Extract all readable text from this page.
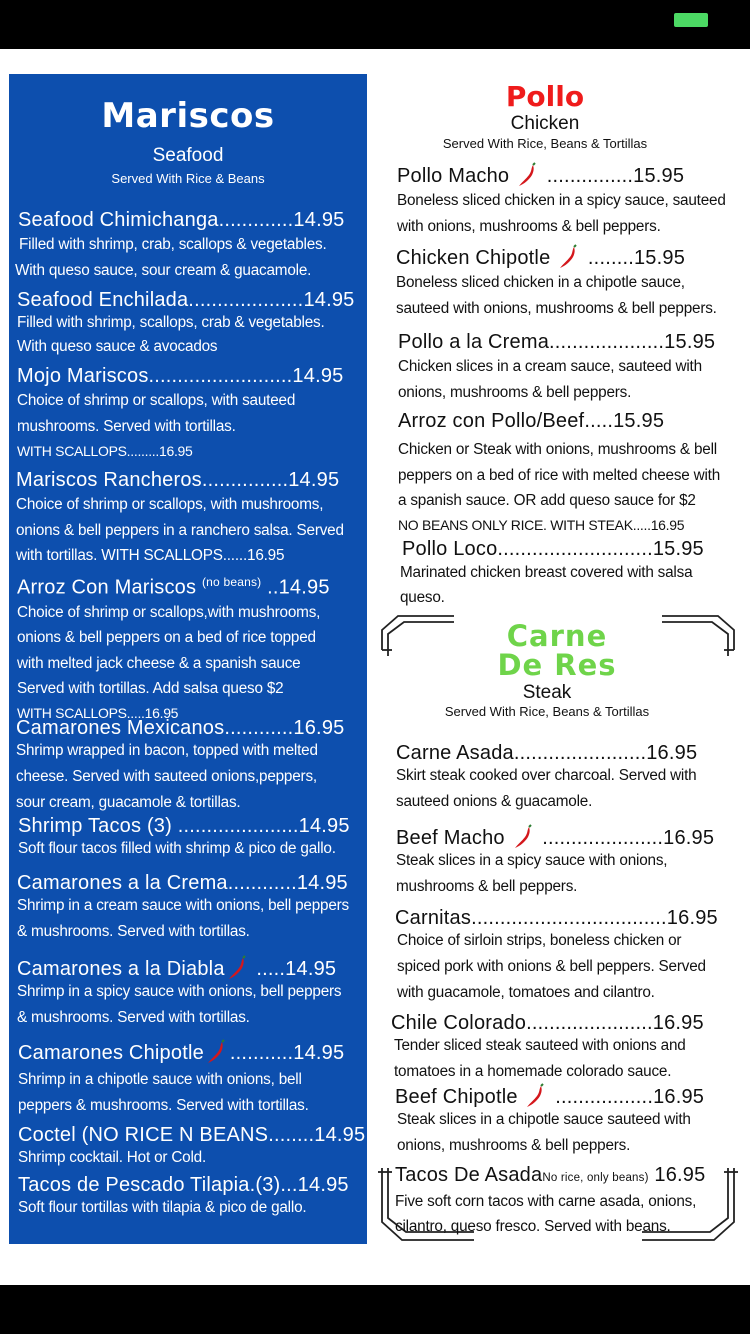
Mariscos
Seafood
Served With Rice & Beans
Seafood Chimichanga.............14.95
Filled with shrimp, crab, scallops & vegetables.
With queso sauce, sour cream & guacamole.
Seafood Enchilada....................14.95
Filled with shrimp, scallops, crab & vegetables.
With queso sauce & avocados
Mojo Mariscos.........................14.95
Choice of shrimp or scallops, with sauteed
mushrooms. Served with tortillas.
WITH SCALLOPS.........16.95
Mariscos Rancheros...............14.95
Choice of shrimp or scallops, with mushrooms,
onions & bell peppers in a ranchero salsa. Served
with tortillas. WITH SCALLOPS......16.95
Arroz Con Mariscos $^{(no beans)}$ ..14.95
Choice of shrimp or scallops,with mushrooms,
onions & bell peppers on a bed of rice topped
with melted jack cheese & a spanish sauce
Served with tortillas. Add salsa queso $2
WITH SCALLOPS.....16.95
Camarones Mexicanos............16.95
Shrimp wrapped in bacon, topped with melted
cheese. Served with sauteed onions,peppers,
sour cream, guacamole & tortillas.
Shrimp Tacos (3) .....................14.95
Soft flour tacos filled with shrimp & pico de gallo.
Camarones a la Crema............14.95
Shrimp in a cream sauce with onions, bell peppers
& mushrooms. Served with tortillas.
Camarones a la Diabla .....14.95
Shrimp in a spicy sauce with onions, bell peppers
& mushrooms. Served with tortillas.
Camarones Chipotle ...........14.95
Shrimp in a chipotle sauce with onions, bell
peppers & mushrooms. Served with tortillas.
Coctel (NO RICE N BEANS........14.95
Shrimp cocktail. Hot or Cold.
Tacos de Pescado Tilapia.(3)...14.95
Soft flour tortillas with tilapia & pico de gallo.
Pollo
Chicken
Served With Rice, Beans & Tortillas
Pollo Macho  ...............15.95
Boneless sliced chicken in a spicy sauce, sauteed
with onions, mushrooms & bell peppers.
Chicken Chipotle  ........15.95
Boneless sliced chicken in a chipotle sauce,
sauteed with onions, mushrooms & bell peppers.
Pollo a la Crema....................15.95
Chicken slices in a cream sauce, sauteed with
onions, mushrooms & bell peppers.
Arroz con Pollo/Beef.....15.95
Chicken or Steak with onions, mushrooms & bell
peppers on a bed of rice with melted cheese with
a spanish sauce. OR add queso sauce for $2
NO BEANS ONLY RICE. WITH STEAK.....16.95
Pollo Loco...........................15.95
Marinated chicken breast covered with salsa
queso.
Carne
De Res
Steak
Served With Rice, Beans & Tortillas
Carne Asada.......................16.95
Skirt steak cooked over charcoal. Served with
sauteed onions & guacamole.
Beef Macho  .....................16.95
Steak slices in a spicy sauce with onions,
mushrooms & bell peppers.
Carnitas..................................16.95
Choice of sirloin strips, boneless chicken or
spiced pork with onions & bell peppers. Served
with guacamole, tomatoes and cilantro.
Chile Colorado......................16.95
Tender sliced steak sauteed with onions and
tomatoes in a homemade colorado sauce.
Beef Chipotle  .................16.95
Steak slices in a chipotle sauce sauteed with
onions, mushrooms & bell peppers.
Tacos De AsadaNo rice, only beans) 16.95
Five soft corn tacos with carne asada, onions,
cilantro, queso fresco. Served with beans.
